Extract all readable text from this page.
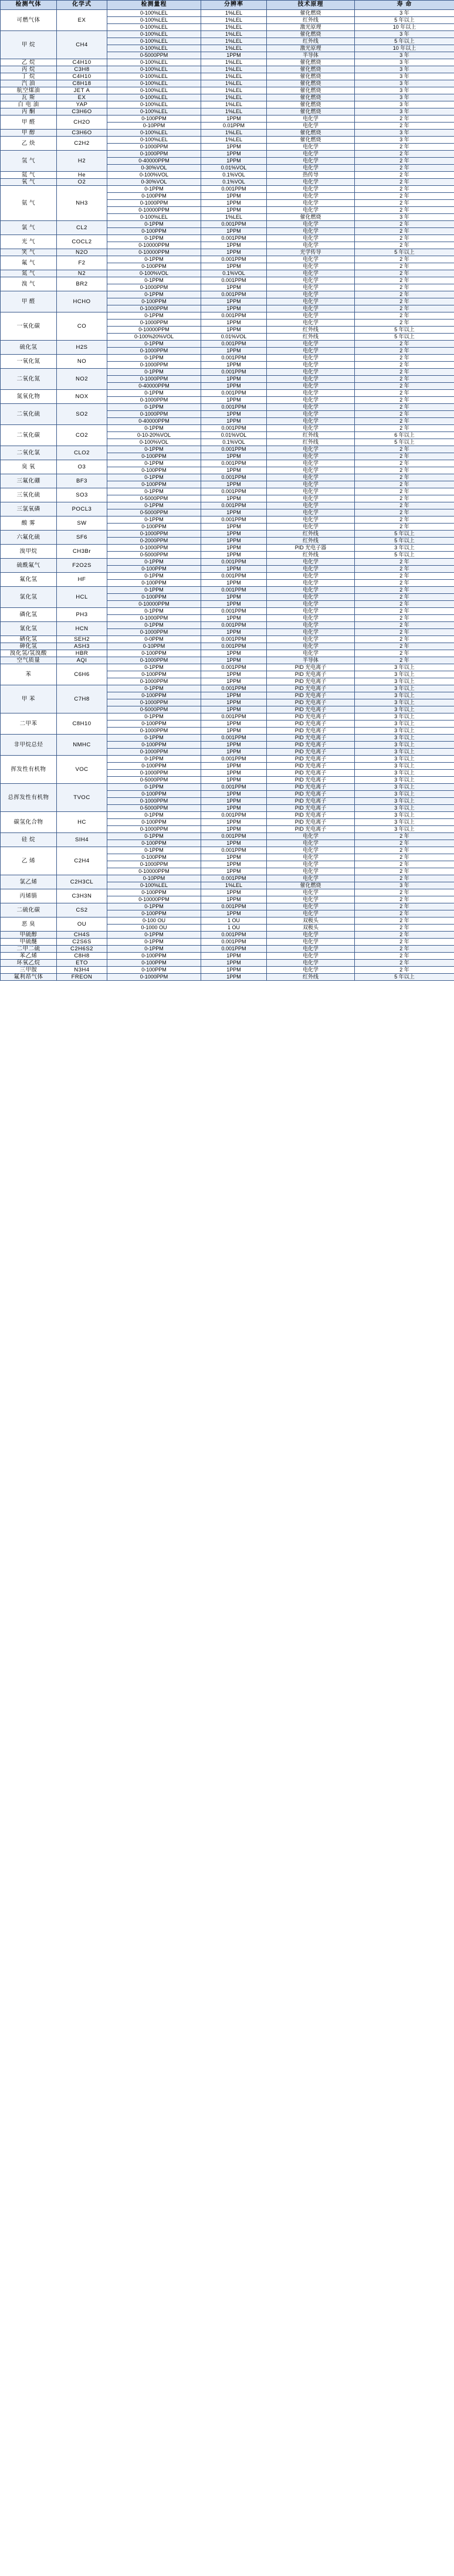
检测气体	化学式	检测量程	分辨率	技术原理	寿 命
可燃气体	EX	0-100%LEL	1%LEL	催化燃烧	3 年
		0-100%LEL	1%LEL	红外线	5 年以上
		0-100%LEL	1%LEL	激光原理	10 年以上
甲 烷	CH4	0-100%LEL	1%LEL	催化燃烧	3 年
		0-100%LEL	1%LEL	红外线	5 年以上
		0-100%LEL	1%LEL	激光原理	10 年以上
		0-5000PPM	1PPM	半导体	3 年
乙 烷	C4H10	0-100%LEL	1%LEL	催化燃烧	3 年
丙 烷	C3H8	0-100%LEL	1%LEL	催化燃烧	3 年
丁 烷	C4H10	0-100%LEL	1%LEL	催化燃烧	3 年
汽 油	C8H18	0-100%LEL	1%LEL	催化燃烧	3 年
航空煤油	JET A	0-100%LEL	1%LEL	催化燃烧	3 年
瓦 斯	EX	0-100%LEL	1%LEL	催化燃烧	3 年
白 电 油	YAP	0-100%LEL	1%LEL	催化燃烧	3 年
丙 酮	C3H6O	0-100%LEL	1%LEL	催化燃烧	3 年
甲 醛	CH2O	0-100PPM	1PPM	电化学	2 年
		0-10PPM	0.01PPM	电化学	2 年
甲 醇	C3H6O	0-100%LEL	1%LEL	催化燃烧	3 年
乙 炔	C2H2	0-100%LEL	1%LEL	催化燃烧	3 年
		0-1000PPM	1PPM	电化学	2 年
氢 气	H2	0-1000PPM	1PPM	电化学	2 年
		0-40000PPM	1PPM	电化学	2 年
		0-30%VOL	0.01%VOL	电化学	2 年
氦 气	He	0-100%VOL	0.1%VOL	热传导	2 年
氧 气	O2	0-30%VOL	0.1%VOL	电化学	2 年
氨 气	NH3	0-1PPM	0.001PPM	电化学	2 年
		0-100PPM	1PPM	电化学	2 年
		0-1000PPM	1PPM	电化学	2 年
		0-10000PPM	1PPM	电化学	2 年
		0-100%LEL	1%LEL	催化燃烧	3 年
氯 气	CL2	0-1PPM	0.001PPM	电化学	2 年
		0-100PPM	1PPM	电化学	2 年
光 气	COCL2	0-1PPM	0.001PPM	电化学	2 年
		0-10000PPM	1PPM	电化学	2 年
笑 气	N2O	0-10000PPM	1PPM	光学传导	5 年以上
氟 气	F2	0-1PPM	0.001PPM	电化学	2 年
		0-100PPM	1PPM	电化学	2 年
氮 气	N2	0-100%VOL	0.1%VOL	电化学	2 年
溴 气	BR2	0-1PPM	0.001PPM	电化学	2 年
		0-1000PPM	1PPM	电化学	2 年
甲 醛	HCHO	0-1PPM	0.001PPM	电化学	2 年
		0-100PPM	1PPM	电化学	2 年
		0-1000PPM	1PPM	电化学	2 年
一氧化碳	CO	0-1PPM	0.001PPM	电化学	2 年
		0-1000PPM	1PPM	电化学	2 年
		0-10000PPM	1PPM	红外线	5 年以上
		0-100%20%VOL	0.01%VOL	红外线	5 年以上
硫化氢	H2S	0-1PPM	0.001PPM	电化学	2 年
		0-1000PPM	1PPM	电化学	2 年
一氧化氮	NO	0-1PPM	0.001PPM	电化学	2 年
		0-1000PPM	1PPM	电化学	2 年
二氧化氮	NO2	0-1PPM	0.001PPM	电化学	2 年
		0-1000PPM	1PPM	电化学	2 年
		0-40000PPM	1PPM	电化学	2 年
氮氧化物	NOX	0-1PPM	0.001PPM	电化学	2 年
		0-1000PPM	1PPM	电化学	2 年
二氧化硫	SO2	0-1PPM	0.001PPM	电化学	2 年
		0-1000PPM	1PPM	电化学	2 年
		0-40000PPM	1PPM	电化学	2 年
二氧化碳	CO2	0-1PPM	0.001PPM	电化学	2 年
		0-10-20%VOL	0.01%VOL	红外线	6 年以上
		0-100%VOL	0.1%VOL	红外线	5 年以上
二氧化氯	CLO2	0-1PPM	0.001PPM	电化学	2 年
		0-100PPM	1PPM	电化学	2 年
臭 氧	O3	0-1PPM	0.001PPM	电化学	2 年
		0-100PPM	1PPM	电化学	2 年
三氟化硼	BF3	0-1PPM	0.001PPM	电化学	2 年
		0-100PPM	1PPM	电化学	2 年
三氧化硫	SO3	0-1PPM	0.001PPM	电化学	2 年
		0-5000PPM	1PPM	电化学	2 年
三氯氧磷	POCL3	0-1PPM	0.001PPM	电化学	2 年
		0-5000PPM	1PPM	电化学	2 年
酸 雾	SW	0-1PPM	0.001PPM	电化学	2 年
		0-100PPM	1PPM	电化学	2 年
六氟化硫	SF6	0-1000PPM	1PPM	红外线	5 年以上
		0-2000PPM	1PPM	红外线	5 年以上
溴甲烷	CH3Br	0-1000PPM	1PPM	PID 光电子器	3 年以上
		0-5000PPM	1PPM	红外线	5 年以上
硫酰氟气	F2O2S	0-1PPM	0.001PPM	电化学	2 年
		0-100PPM	1PPM	电化学	2 年
氟化氢	HF	0-1PPM	0.001PPM	电化学	2 年
		0-100PPM	1PPM	电化学	2 年
氯化氢	HCL	0-1PPM	0.001PPM	电化学	2 年
		0-100PPM	1PPM	电化学	2 年
		0-10000PPM	1PPM	电化学	2 年
磷化氢	PH3	0-1PPM	0.001PPM	电化学	2 年
		0-1000PPM	1PPM	电化学	2 年
氰化氢	HCN	0-1PPM	0.001PPM	电化学	2 年
		0-1000PPM	1PPM	电化学	2 年
硒化氢	SEH2	0-0PPM	0.001PPM	电化学	2 年
砷化氢	ASH3	0-10PPM	0.001PPM	电化学	2 年
溴化氢/氢溴酸	HBR	0-100PPM	1PPM	电化学	2 年
空气质量	AQI	0-1000PPM	1PPM	半导体	2 年
苯	C6H6	0-1PPM	0.001PPM	PID 光电离子	3 年以上
		0-100PPM	1PPM	PID 光电离子	3 年以上
		0-1000PPM	1PPM	PID 光电离子	3 年以上
甲 苯	C7H8	0-1PPM	0.001PPM	PID 光电离子	3 年以上
		0-100PPM	1PPM	PID 光电离子	3 年以上
		0-1000PPM	1PPM	PID 光电离子	3 年以上
		0-5000PPM	1PPM	PID 光电离子	3 年以上
二甲苯	C8H10	0-1PPM	0.001PPM	PID 光电离子	3 年以上
		0-100PPM	1PPM	PID 光电离子	3 年以上
		0-1000PPM	1PPM	PID 光电离子	3 年以上
非甲烷总烃	NMHC	0-1PPM	0.001PPM	PID 光电离子	3 年以上
		0-100PPM	1PPM	PID 光电离子	3 年以上
		0-1000PPM	1PPM	PID 光电离子	3 年以上
挥发性有机物	VOC	0-1PPM	0.001PPM	PID 光电离子	3 年以上
		0-100PPM	1PPM	PID 光电离子	3 年以上
		0-1000PPM	1PPM	PID 光电离子	3 年以上
		0-5000PPM	1PPM	PID 光电离子	3 年以上
总挥发性有机物	TVOC	0-1PPM	0.001PPM	PID 光电离子	3 年以上
		0-100PPM	1PPM	PID 光电离子	3 年以上
		0-1000PPM	1PPM	PID 光电离子	3 年以上
		0-5000PPM	1PPM	PID 光电离子	3 年以上
碳氢化合物	HC	0-1PPM	0.001PPM	PID 光电离子	3 年以上
		0-100PPM	1PPM	PID 光电离子	3 年以上
		0-1000PPM	1PPM	PID 光电离子	3 年以上
硅 烷	SIH4	0-1PPM	0.001PPM	电化学	2 年
		0-100PPM	1PPM	电化学	2 年
乙 烯	C2H4	0-1PPM	0.001PPM	电化学	2 年
		0-100PPM	1PPM	电化学	2 年
		0-1000PPM	1PPM	电化学	2 年
		0-10000PPM	1PPM	电化学	2 年
氯乙烯	C2H3CL	0-10PPM	0.001PPM	电化学	2 年
		0-100%LEL	1%LEL	催化燃烧	3 年
丙烯腈	C3H3N	0-100PPM	1PPM	电化学	2 年
		0-10000PPM	1PPM	电化学	2 年
二硫化碳	CS2	0-1PPM	0.001PPM	电化学	2 年
		0-100PPM	1PPM	电化学	2 年
恶 臭	OU	0-100 OU	1 OU	双极头	2 年
		0-1000 OU	1 OU	双极头	2 年
甲硫醇	CH4S	0-1PPM	0.001PPM	电化学	2 年
甲硫醚	C2S6S	0-1PPM	0.001PPM	电化学	2 年
二甲二硫	C2H6S2	0-1PPM	0.001PPM	电化学	2 年
苯乙烯	C8H8	0-100PPM	1PPM	电化学	2 年
环氧乙烷	ETO	0-100PPM	1PPM	电化学	2 年
三甲胺	N3H4	0-100PPM	1PPM	电化学	2 年
氟利昂气体	FREON	0-1000PPM	1PPM	红外线	5 年以上
